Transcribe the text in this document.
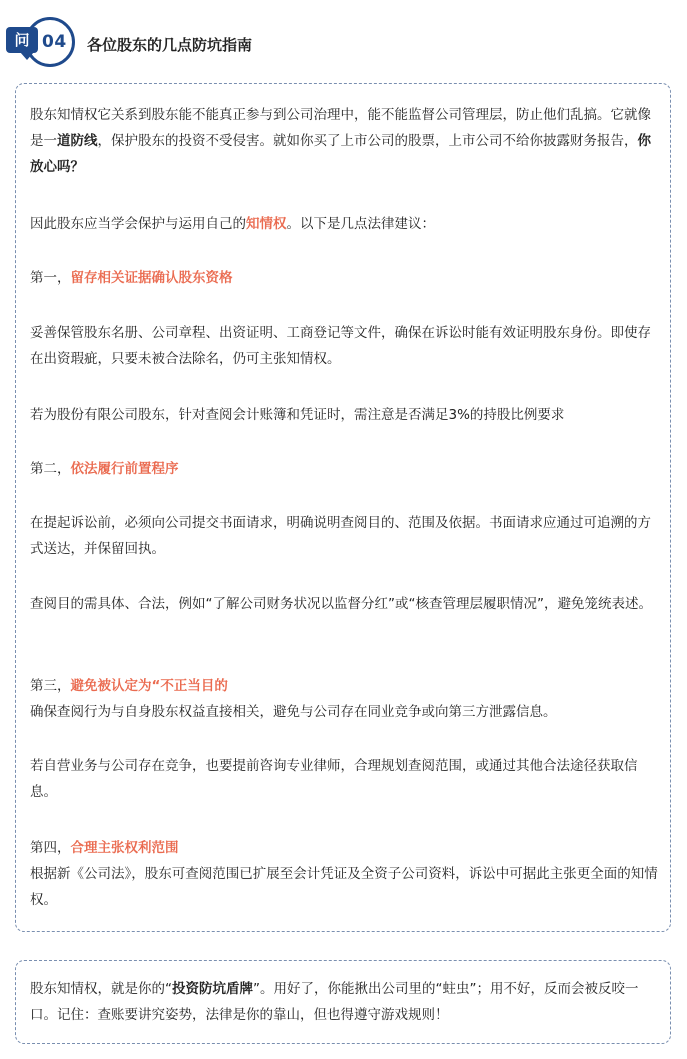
问 04 各位股东的几点防坑指南

股东知情权它关系到股东能不能真正参与到公司治理中，能不能监督公司管理层，防止他们乱搞。它就像是一道防线，保护股东的投资不受侵害。就如你买了上市公司的股票，上市公司不给你披露财务报告，你放心吗？

因此股东应当学会保护与运用自己的知情权。以下是几点法律建议：

第一，留存相关证据确认股东资格

妥善保管股东名册、公司章程、出资证明、工商登记等文件，确保在诉讼时能有效证明股东身份。即使存在出资瑕疵，只要未被合法除名，仍可主张知情权。

若为股份有限公司股东，针对查阅会计账簿和凭证时，需注意是否满足3%的持股比例要求

第二，依法履行前置程序

在提起诉讼前，必须向公司提交书面请求，明确说明查阅目的、范围及依据。书面请求应通过可追溯的方式送达，并保留回执。

查阅目的需具体、合法，例如“了解公司财务状况以监督分红”或“核查管理层履职情况”，避免笼统表述。

第三，避免被认定为“不正当目的

确保查阅行为与自身股东权益直接相关，避免与公司存在同业竞争或向第三方泄露信息。

若自营业务与公司存在竞争，也要提前咨询专业律师，合理规划查阅范围，或通过其他合法途径获取信息。

第四，合理主张权利范围

根据新《公司法》，股东可查阅范围已扩展至会计凭证及全资子公司资料，诉讼中可据此主张更全面的知情权。

股东知情权，就是你的“投资防坑盾牌”。用好了，你能揪出公司里的“蛀虫”；用不好，反而会被反咬一口。记住：查账要讲究姿势，法律是你的靠山，但也得遵守游戏规则！
